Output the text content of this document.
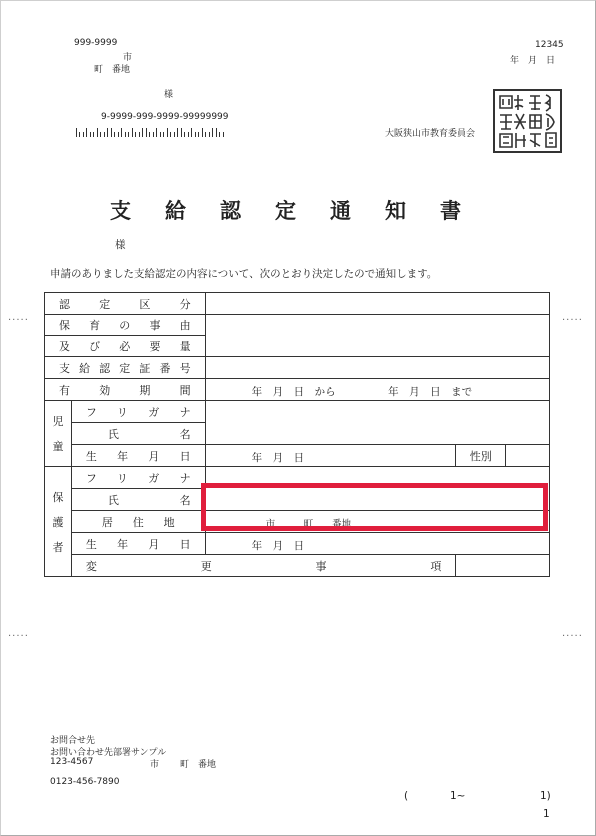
999-9999
市
町　番地
様
9-9999-999-9999-99999999
12345
年　月　日
大阪狭山市教育委員会
支給認定通知書
様
申請のありました支給認定の内容について、次のとおり決定したので通知します。
.....	.....
.....	.....
認定区分				
保育の事由				
及び必要量				
支給認定証番号				
有効期間		年　月　日　から　　　　　年　月　日　まで		

児
童	フリガナ			
	氏名			
	生年月日	年　月　日	性別	

保
護
者	フリガナ			
	氏名			
	居住地	市　　　町　　番地		

	生年月日	年　月　日		

	変更事項			
お問合せ先
お問い合わせ先部署サンプル
123-4567	市 町　番地
0123-456-7890
(	1~	1)
1
